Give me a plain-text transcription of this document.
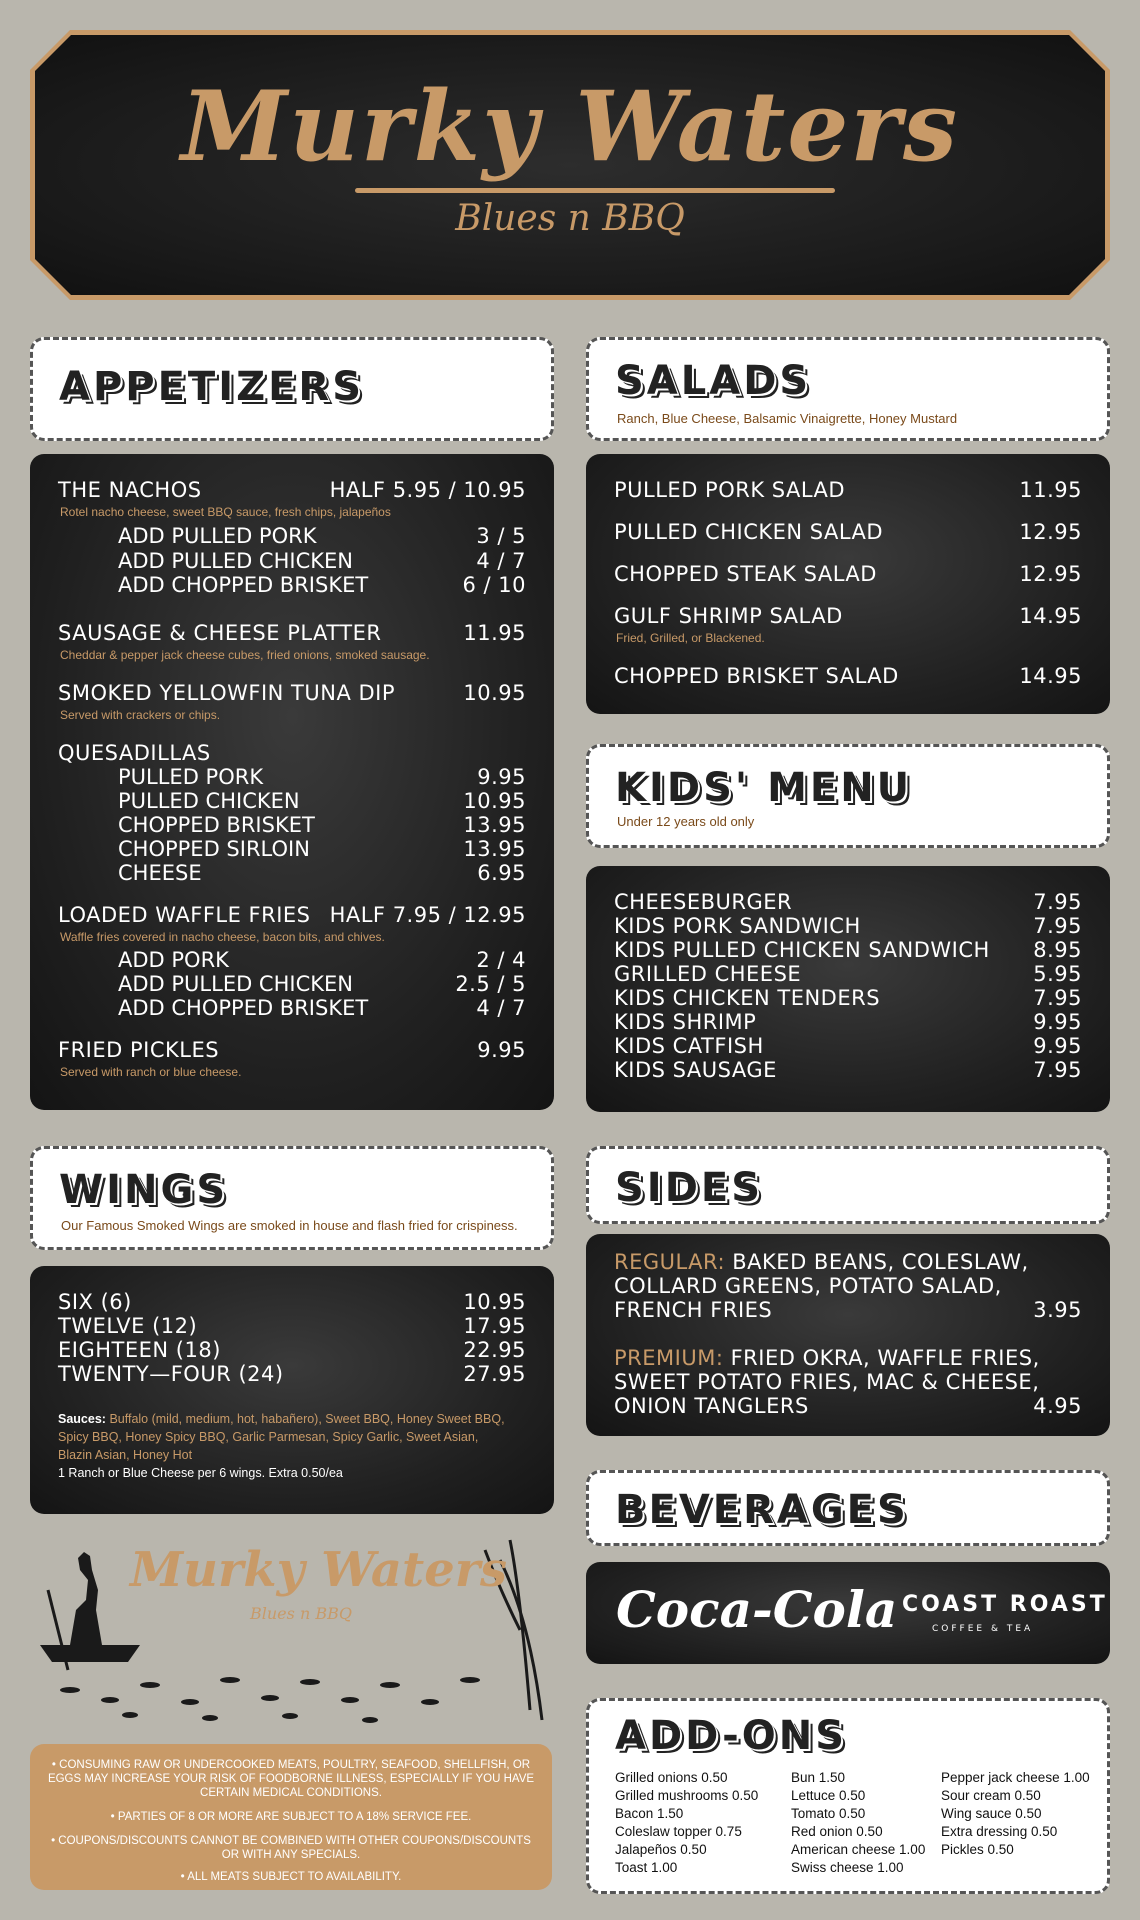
Murky Waters
Blues n BBQ
APPETIZERS
THE NACHOS	HALF 5.95 / 10.95
Rotel nacho cheese, sweet BBQ sauce, fresh chips, jalapeños
ADD PULLED PORK	3 / 5
ADD PULLED CHICKEN	4 / 7
ADD CHOPPED BRISKET	6 / 10
SAUSAGE & CHEESE PLATTER	11.95
Cheddar & pepper jack cheese cubes, fried onions, smoked sausage.
SMOKED YELLOWFIN TUNA DIP	10.95
Served with crackers or chips.
QUESADILLAS
PULLED PORK	9.95
PULLED CHICKEN	10.95
CHOPPED BRISKET	13.95
CHOPPED SIRLOIN	13.95
CHEESE	6.95
LOADED WAFFLE FRIES HALF 7.95 / 12.95
Waffle fries covered in nacho cheese, bacon bits, and chives.
ADD PORK	2 / 4
ADD PULLED CHICKEN	2.5 / 5
ADD CHOPPED BRISKET	4 / 7
FRIED PICKLES	9.95
Served with ranch or blue cheese.
SALADS
Ranch, Blue Cheese, Balsamic Vinaigrette, Honey Mustard
PULLED PORK SALAD	11.95
PULLED CHICKEN SALAD	12.95
CHOPPED STEAK SALAD	12.95
GULF SHRIMP SALAD	14.95
Fried, Grilled, or Blackened.
CHOPPED BRISKET SALAD	14.95
KIDS' MENU
Under 12 years old only
CHEESEBURGER	7.95
KIDS PORK SANDWICH	7.95
KIDS PULLED CHICKEN SANDWICH 8.95
GRILLED CHEESE	5.95
KIDS CHICKEN TENDERS	7.95
KIDS SHRIMP	9.95
KIDS CATFISH	9.95
KIDS SAUSAGE	7.95
WINGS
Our Famous Smoked Wings are smoked in house and flash fried for crispiness.
SIX (6)	10.95
TWELVE (12)	17.95
EIGHTEEN (18)	22.95
TWENTY—FOUR (24)	27.95
Sauces: Buffalo (mild, medium, hot, habañero), Sweet BBQ, Honey Sweet BBQ, Spicy BBQ, Honey Spicy BBQ, Garlic Parmesan, Spicy Garlic, Sweet Asian, Blazin Asian, Honey Hot
1 Ranch or Blue Cheese per 6 wings. Extra 0.50/ea
SIDES
REGULAR: BAKED BEANS, COLESLAW,
COLLARD GREENS, POTATO SALAD,
FRENCH FRIES	3.95
PREMIUM: FRIED OKRA, WAFFLE FRIES,
SWEET POTATO FRIES, MAC & CHEESE,
ONION TANGLERS	4.95
BEVERAGES
Coca-Cola COAST ROAST
COFFEE & TEA
ADD-ONS
Grilled onions 0.50
Grilled mushrooms 0.50
Bacon 1.50
Coleslaw topper 0.75
Jalapeños 0.50
Toast 1.00
Bun 1.50
Lettuce 0.50
Tomato 0.50
Red onion 0.50
American cheese 1.00
Swiss cheese 1.00
Pepper jack cheese 1.00
Sour cream 0.50
Wing sauce 0.50
Extra dressing 0.50
Pickles 0.50
Murky Waters
Blues n BBQ
• CONSUMING RAW OR UNDERCOOKED MEATS, POULTRY, SEAFOOD, SHELLFISH, OR
EGGS MAY INCREASE YOUR RISK OF FOODBORNE ILLNESS, ESPECIALLY IF YOU HAVE
CERTAIN MEDICAL CONDITIONS.
• PARTIES OF 8 OR MORE ARE SUBJECT TO A 18% SERVICE FEE.
• COUPONS/DISCOUNTS CANNOT BE COMBINED WITH OTHER COUPONS/DISCOUNTS
OR WITH ANY SPECIALS.
• ALL MEATS SUBJECT TO AVAILABILITY.
